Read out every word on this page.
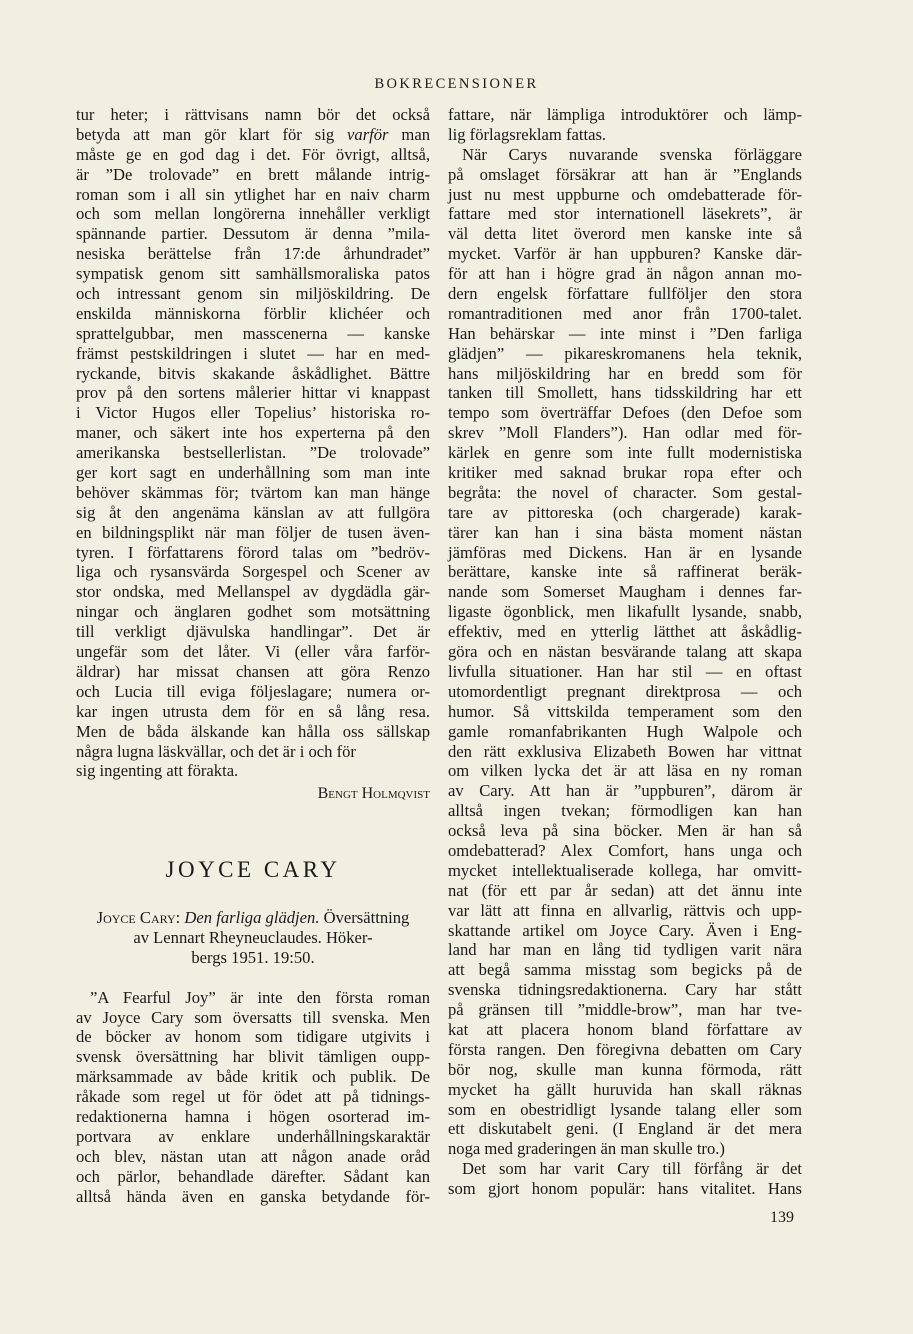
BOKRECENSIONER
tur heter; i rättvisans namn bör det också
betyda att man gör klart för sig varför man
måste ge en god dag i det. För övrigt, alltså,
är ”De trolovade” en brett målande intrig-
roman som i all sin ytlighet har en naiv charm
och som mellan longörerna innehåller verkligt
spännande partier. Dessutom är denna ”mila-
nesiska berättelse från 17:de århundradet”
sympatisk genom sitt samhällsmoraliska patos
och intressant genom sin miljöskildring. De
enskilda människorna förblir klichéer och
sprattelgubbar, men masscenerna — kanske
främst pestskildringen i slutet — har en med-
ryckande, bitvis skakande åskådlighet. Bättre
prov på den sortens målerier hittar vi knappast
i Victor Hugos eller Topelius’ historiska ro-
maner, och säkert inte hos experterna på den
amerikanska bestsellerlistan. ”De trolovade”
ger kort sagt en underhållning som man inte
behöver skämmas för; tvärtom kan man hänge
sig åt den angenäma känslan av att fullgöra
en bildningsplikt när man följer de tusen även-
tyren. I författarens förord talas om ”bedröv-
liga och rysansvärda Sorgespel och Scener av
stor ondska, med Mellanspel av dygdädla gär-
ningar och änglaren godhet som motsättning
till verkligt djävulska handlingar”. Det är
ungefär som det låter. Vi (eller våra farför-
äldrar) har missat chansen att göra Renzo
och Lucia till eviga följeslagare; numera or-
kar ingen utrusta dem för en så lång resa.
Men de båda älskande kan hålla oss sällskap
några lugna läskvällar, och det är i och för
sig ingenting att förakta.
Bengt Holmqvist
JOYCE CARY
Joyce Cary: Den farliga glädjen. Översättning
av Lennart Rheyneuclaudes. Höker-
bergs 1951. 19:50.
”A Fearful Joy” är inte den första roman
av Joyce Cary som översatts till svenska. Men
de böcker av honom som tidigare utgivits i
svensk översättning har blivit tämligen oupp-
märksammade av både kritik och publik. De
råkade som regel ut för ödet att på tidnings-
redaktionerna hamna i högen osorterad im-
portvara av enklare underhållningskaraktär
och blev, nästan utan att någon anade oråd
och pärlor, behandlade därefter. Sådant kan
alltså hända även en ganska betydande för-
fattare, när lämpliga introduktörer och lämp-
lig förlagsreklam fattas.
När Carys nuvarande svenska förläggare
på omslaget försäkrar att han är ”Englands
just nu mest uppburne och omdebatterade för-
fattare med stor internationell läsekrets”, är
väl detta litet överord men kanske inte så
mycket. Varför är han uppburen? Kanske där-
för att han i högre grad än någon annan mo-
dern engelsk författare fullföljer den stora
romantraditionen med anor från 1700-talet.
Han behärskar — inte minst i ”Den farliga
glädjen” — pikareskromanens hela teknik,
hans miljöskildring har en bredd som för
tanken till Smollett, hans tidsskildring har ett
tempo som överträffar Defoes (den Defoe som
skrev ”Moll Flanders”). Han odlar med för-
kärlek en genre som inte fullt modernistiska
kritiker med saknad brukar ropa efter och
begråta: the novel of character. Som gestal-
tare av pittoreska (och chargerade) karak-
tärer kan han i sina bästa moment nästan
jämföras med Dickens. Han är en lysande
berättare, kanske inte så raffinerat beräk-
nande som Somerset Maugham i dennes far-
ligaste ögonblick, men likafullt lysande, snabb,
effektiv, med en ytterlig lätthet att åskådlig-
göra och en nästan besvärande talang att skapa
livfulla situationer. Han har stil — en oftast
utomordentligt pregnant direktprosa — och
humor. Så vittskilda temperament som den
gamle romanfabrikanten Hugh Walpole och
den rätt exklusiva Elizabeth Bowen har vittnat
om vilken lycka det är att läsa en ny roman
av Cary. Att han är ”uppburen”, därom är
alltså ingen tvekan; förmodligen kan han
också leva på sina böcker. Men är han så
omdebatterad? Alex Comfort, hans unga och
mycket intellektualiserade kollega, har omvitt-
nat (för ett par år sedan) att det ännu inte
var lätt att finna en allvarlig, rättvis och upp-
skattande artikel om Joyce Cary. Även i Eng-
land har man en lång tid tydligen varit nära
att begå samma misstag som begicks på de
svenska tidningsredaktionerna. Cary har stått
på gränsen till ”middle-brow”, man har tve-
kat att placera honom bland författare av
första rangen. Den föregivna debatten om Cary
bör nog, skulle man kunna förmoda, rätt
mycket ha gällt huruvida han skall räknas
som en obestridligt lysande talang eller som
ett diskutabelt geni. (I England är det mera
noga med graderingen än man skulle tro.)
Det som har varit Cary till förfång är det
som gjort honom populär: hans vitalitet. Hans
139
